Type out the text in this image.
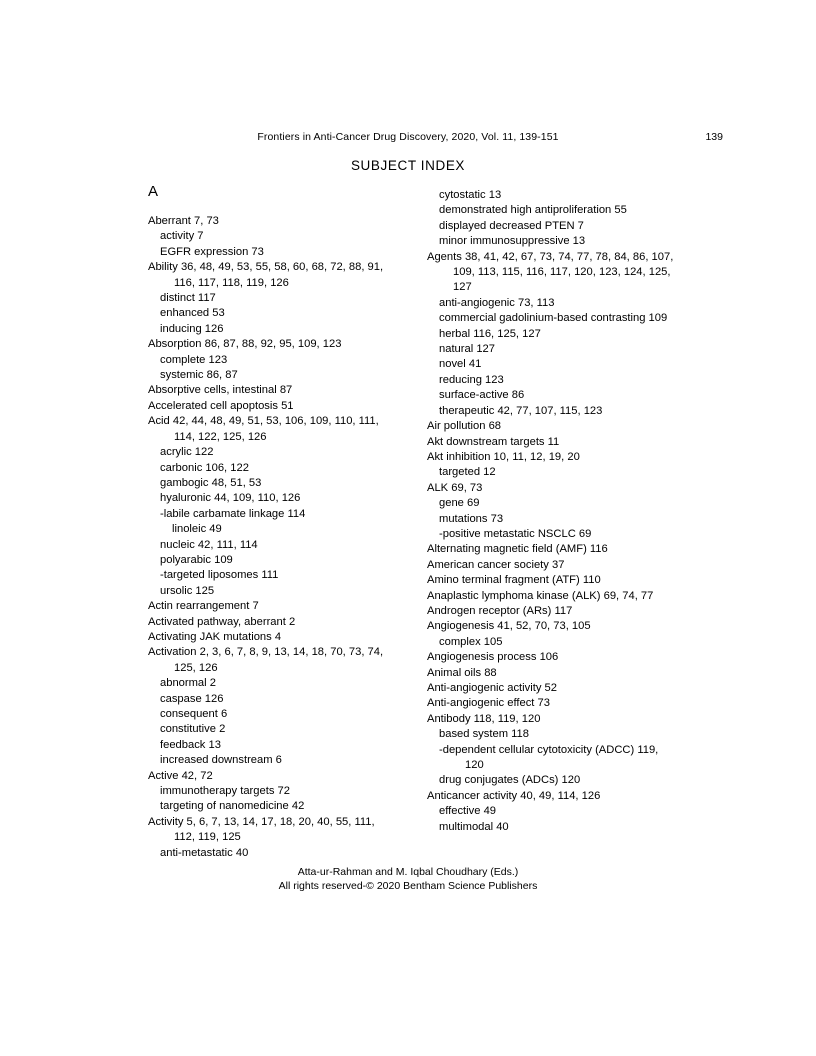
Frontiers in Anti-Cancer Drug Discovery, 2020, Vol. 11, 139-151	139
SUBJECT INDEX
A

Aberrant 7, 73

activity 7

EGFR expression 73

Ability 36, 48, 49, 53, 55, 58, 60, 68, 72, 88, 91, 116, 117, 118, 119, 126

distinct 117

enhanced 53

inducing 126

Absorption 86, 87, 88, 92, 95, 109, 123

complete 123

systemic 86, 87

Absorptive cells, intestinal 87

Accelerated cell apoptosis 51

Acid 42, 44, 48, 49, 51, 53, 106, 109, 110, 111, 114, 122, 125, 126

acrylic 122

carbonic 106, 122

gambogic 48, 51, 53

hyaluronic 44, 109, 110, 126

-labile carbamate linkage 114

linoleic 49

nucleic 42, 111, 114

polyarabic 109

-targeted liposomes 111

ursolic 125

Actin rearrangement 7

Activated pathway, aberrant 2

Activating JAK mutations 4

Activation 2, 3, 6, 7, 8, 9, 13, 14, 18, 70, 73, 74, 125, 126

abnormal 2

caspase 126

consequent 6

constitutive 2

feedback 13

increased downstream 6

Active 42, 72

immunotherapy targets 72

targeting of nanomedicine 42

Activity 5, 6, 7, 13, 14, 17, 18, 20, 40, 55, 111, 112, 119, 125

anti-metastatic 40

cytostatic 13

demonstrated high antiproliferation 55

displayed decreased PTEN 7

minor immunosuppressive 13

Agents 38, 41, 42, 67, 73, 74, 77, 78, 84, 86, 107, 109, 113, 115, 116, 117, 120, 123, 124, 125, 127

anti-angiogenic 73, 113

commercial gadolinium-based contrasting 109

herbal 116, 125, 127

natural 127

novel 41

reducing 123

surface-active 86

therapeutic 42, 77, 107, 115, 123

Air pollution 68

Akt downstream targets 11

Akt inhibition 10, 11, 12, 19, 20

targeted 12

ALK 69, 73

gene 69

mutations 73

-positive metastatic NSCLC 69

Alternating magnetic field (AMF) 116

American cancer society 37

Amino terminal fragment (ATF) 110

Anaplastic lymphoma kinase (ALK) 69, 74, 77

Androgen receptor (ARs) 117

Angiogenesis 41, 52, 70, 73, 105

complex 105

Angiogenesis process 106

Animal oils 88

Anti-angiogenic activity 52

Anti-angiogenic effect 73

Antibody 118, 119, 120

based system 118

-dependent cellular cytotoxicity (ADCC) 119, 120

drug conjugates (ADCs) 120

Anticancer activity 40, 49, 114, 126

effective 49

multimodal 40

Atta-ur-Rahman and M. Iqbal Choudhary (Eds.)
All rights reserved-© 2020 Bentham Science Publishers
